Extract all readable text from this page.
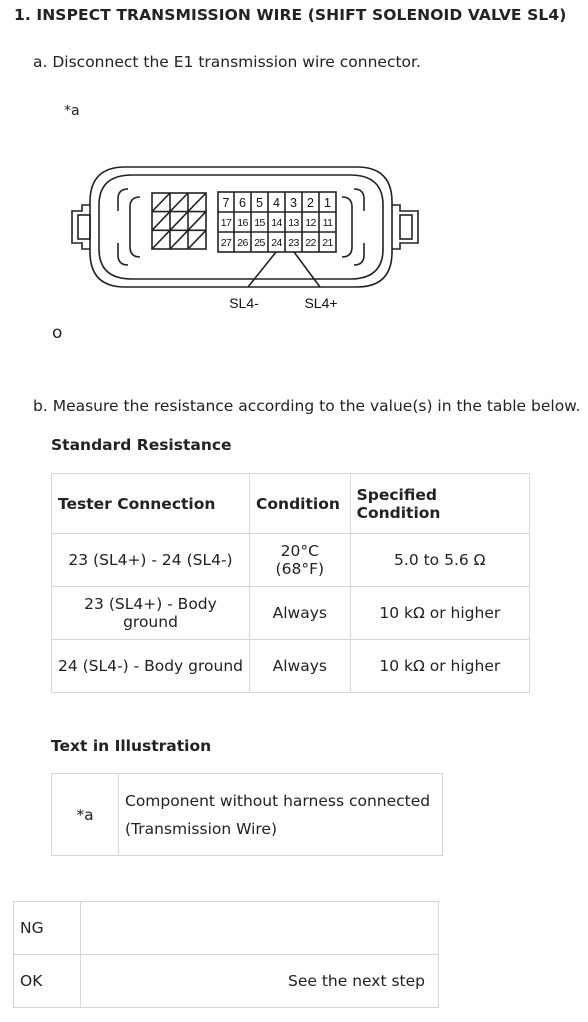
1. INSPECT TRANSMISSION WIRE (SHIFT SOLENOID VALVE SL4)
a. Disconnect the E1 transmission wire connector.
*a
7 6 5 4 3 2 1
17 16 15 14 13 12 11
27 26 25 24 23 22 21
SL4-	SL4+
o
b. Measure the resistance according to the value(s) in the table below.
Standard Resistance
Tester Connection	Condition	Specified Condition
23 (SL4+) - 24 (SL4-)	20°C (68°F)	5.0 to 5.6 Ω
23 (SL4+) - Body ground	Always	10 kΩ or higher
24 (SL4-) - Body ground	Always	10 kΩ or higher
Text in Illustration
*a	Component without harness connected
(Transmission Wire)
NG	
OK	See the next step
